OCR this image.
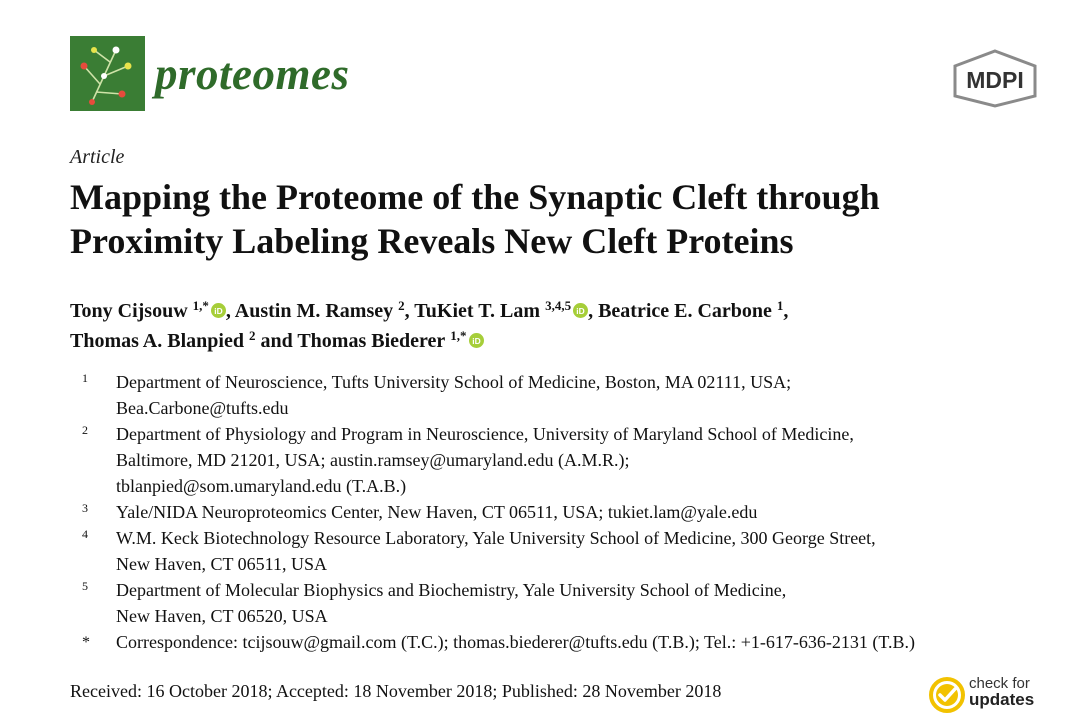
proteomes	MDPI
Article
Mapping the Proteome of the Synaptic Cleft through
Proximity Labeling Reveals New Cleft Proteins
Tony Cijsouw $^{1,*}$ iD , Austin M. Ramsey $^2$, TuKiet T. Lam $^{3,4,5}$ iD , Beatrice E. Carbone $^1$,
Thomas A. Blanpied $^2$ and Thomas Biederer $^{1,*}$ iD
1	Department of Neuroscience, Tufts University School of Medicine, Boston, MA 02111, USA;
Bea.Carbone@tufts.edu
2	Department of Physiology and Program in Neuroscience, University of Maryland School of Medicine,
Baltimore, MD 21201, USA; austin.ramsey@umaryland.edu (A.M.R.);
tblanpied@som.umaryland.edu (T.A.B.)
3	Yale/NIDA Neuroproteomics Center, New Haven, CT 06511, USA; tukiet.lam@yale.edu
4	W.M. Keck Biotechnology Resource Laboratory, Yale University School of Medicine, 300 George Street,
New Haven, CT 06511, USA
5	Department of Molecular Biophysics and Biochemistry, Yale University School of Medicine,
New Haven, CT 06520, USA
*	Correspondence: tcijsouw@gmail.com (T.C.); thomas.biederer@tufts.edu (T.B.); Tel.: +1-617-636-2131 (T.B.)
Received: 16 October 2018; Accepted: 18 November 2018; Published: 28 November 2018	check for
updates
